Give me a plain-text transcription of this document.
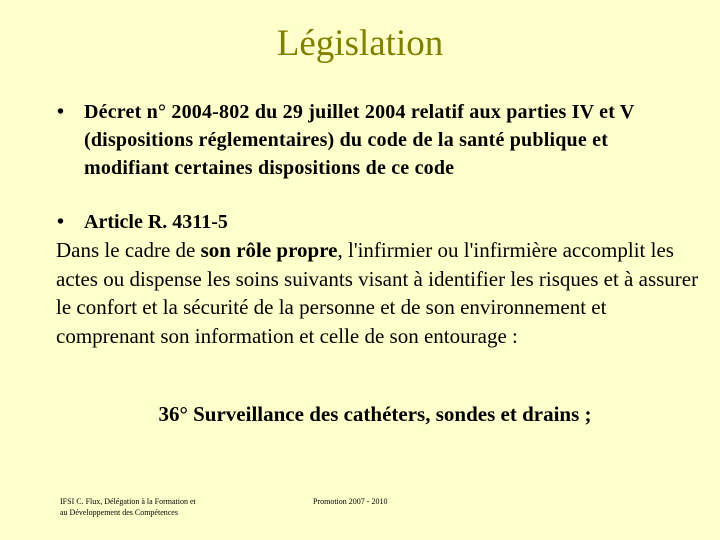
Législation
• Décret n° 2004-802 du 29 juillet 2004 relatif aux parties IV et V (dispositions réglementaires) du code de la santé publique et modifiant certaines dispositions de ce code
• Article R. 4311-5
Dans le cadre de son rôle propre, l'infirmier ou l'infirmière accomplit les actes ou dispense les soins suivants visant à identifier les risques et à assurer le confort et la sécurité de la personne et de son environnement et comprenant son information et celle de son entourage :
36° Surveillance des cathéters, sondes et drains ;
IFSI C. Flux, Délégation à la Formation et
au Développement des Compétences
Promotion 2007 - 2010
